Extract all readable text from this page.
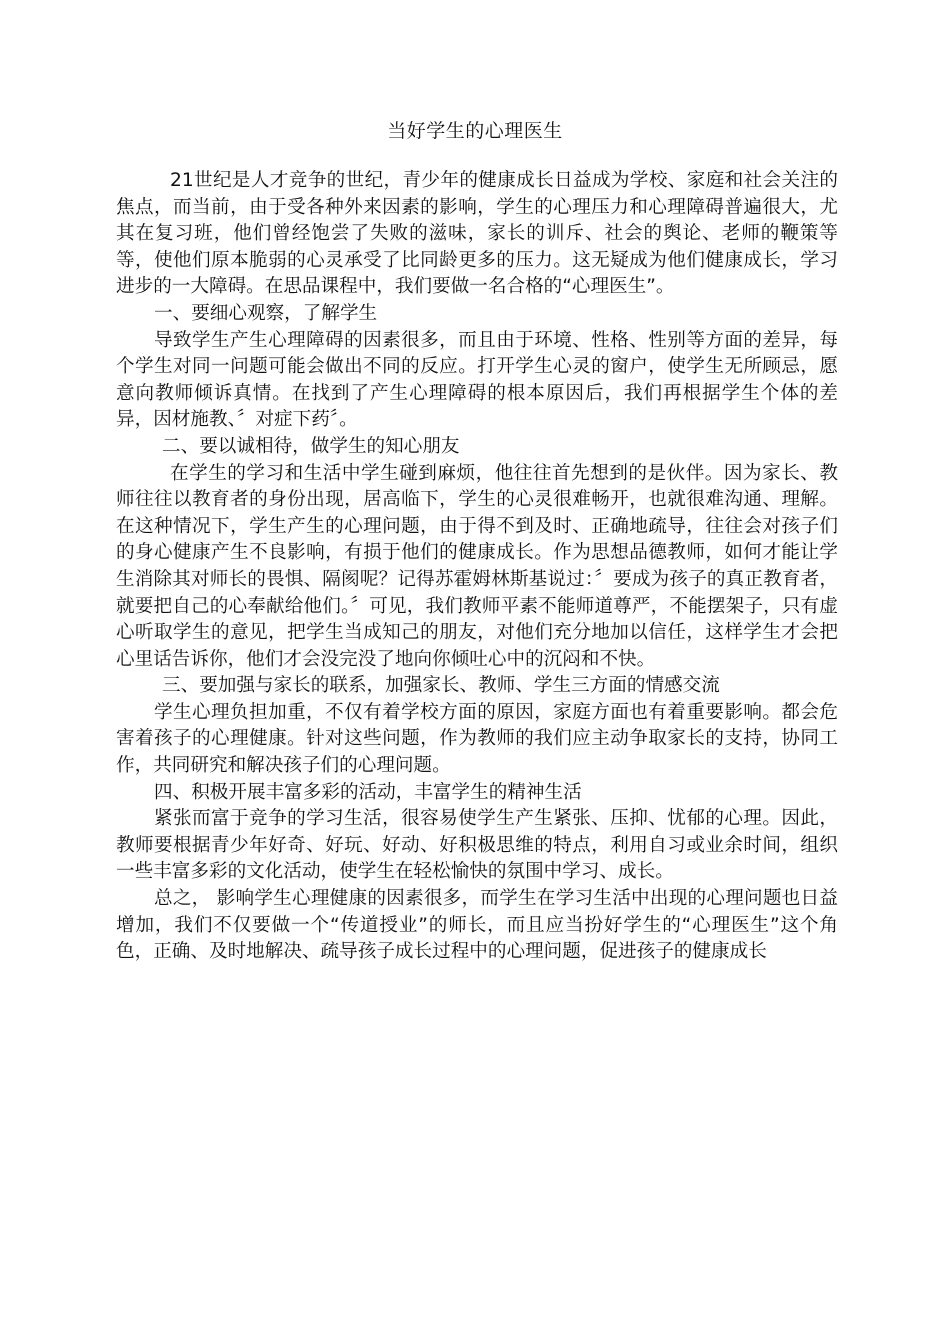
当好学生的心理医生

21世纪是人才竞争的世纪，青少年的健康成长日益成为学校、家庭和社会关注的焦点，而当前，由于受各种外来因素的影响，学生的心理压力和心理障碍普遍很大，尤其在复习班，他们曾经饱尝了失败的滋味，家长的训斥、社会的舆论、老师的鞭策等等，使他们原本脆弱的心灵承受了比同龄更多的压力。这无疑成为他们健康成长，学习进步的一大障碍。在思品课程中，我们要做一名合格的“心理医生”。

一、要细心观察，了解学生

导致学生产生心理障碍的因素很多，而且由于环境、性格、性别等方面的差异，每个学生对同一问题可能会做出不同的反应。打开学生心灵的窗户，使学生无所顾忌，愿意向教师倾诉真情。在找到了产生心理障碍的根本原因后，我们再根据学生个体的差异，因材施教、〞对症下药〞。

二、要以诚相待，做学生的知心朋友

在学生的学习和生活中学生碰到麻烦，他往往首先想到的是伙伴。因为家长、教师往往以教育者的身份出现，居高临下，学生的心灵很难畅开，也就很难沟通、理解。在这种情况下，学生产生的心理问题，由于得不到及时、正确地疏导，往往会对孩子们的身心健康产生不良影响，有损于他们的健康成长。作为思想品德教师，如何才能让学生消除其对师长的畏惧、隔阂呢？记得苏霍姆林斯基说过：〞要成为孩子的真正教育者，就要把自己的心奉献给他们。〞可见，我们教师平素不能师道尊严，不能摆架子，只有虚心听取学生的意见，把学生当成知己的朋友，对他们充分地加以信任，这样学生才会把心里话告诉你，他们才会没完没了地向你倾吐心中的沉闷和不快。

三、要加强与家长的联系，加强家长、教师、学生三方面的情感交流

学生心理负担加重，不仅有着学校方面的原因，家庭方面也有着重要影响。都会危害着孩子的心理健康。针对这些问题，作为教师的我们应主动争取家长的支持，协同工作，共同研究和解决孩子们的心理问题。

四、积极开展丰富多彩的活动，丰富学生的精神生活

紧张而富于竞争的学习生活，很容易使学生产生紧张、压抑、忧郁的心理。因此，教师要根据青少年好奇、好玩、好动、好积极思维的特点，利用自习或业余时间，组织一些丰富多彩的文化活动，使学生在轻松愉快的氛围中学习、成长。

总之， 影响学生心理健康的因素很多，而学生在学习生活中出现的心理问题也日益增加，我们不仅要做一个“传道授业”的师长，而且应当扮好学生的“心理医生”这个角色，正确、及时地解决、疏导孩子成长过程中的心理问题，促进孩子的健康成长
